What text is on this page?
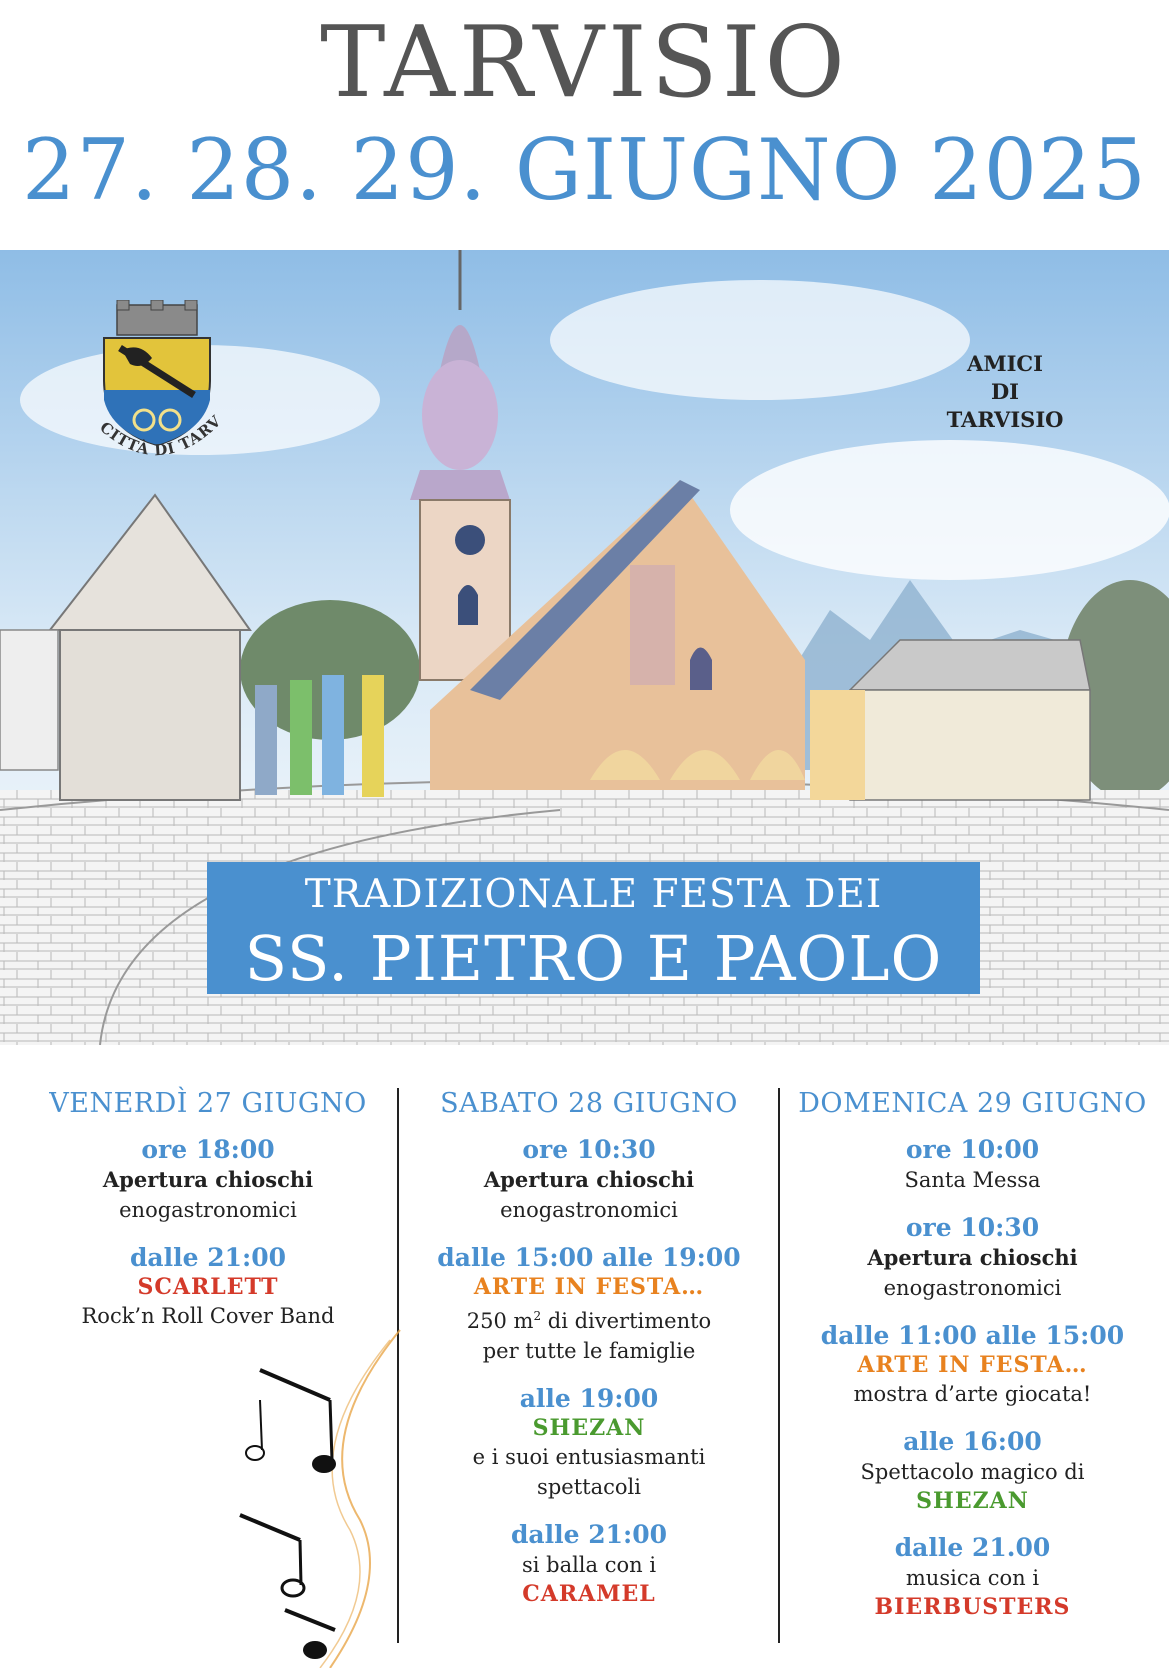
TARVISIO
27. 28. 29. GIUGNO 2025
CITTÀ DI TARV
AMICI
DI
TARVISIO
TRADIZIONALE FESTA DEI
SS. PIETRO E PAOLO
VENERDÌ 27 GIUGNO
ore 18:00
Apertura chioschi
enogastronomici
dalle 21:00
SCARLETT
Rock’n Roll Cover Band
SABATO 28 GIUGNO
ore 10:30
Apertura chioschi
enogastronomici
dalle 15:00 alle 19:00
ARTE IN FESTA…
250 $m^2$ di divertimento
per tutte le famiglie
alle 19:00
SHEZAN
e i suoi entusiasmanti
spettacoli
dalle 21:00
si balla con i
CARAMEL
DOMENICA 29 GIUGNO
ore 10:00
Santa Messa
ore 10:30
Apertura chioschi
enogastronomici
dalle 11:00 alle 15:00
ARTE IN FESTA…
mostra d’arte giocata!
alle 16:00
Spettacolo magico di
SHEZAN
dalle 21.00
musica con i
BIERBUSTERS
